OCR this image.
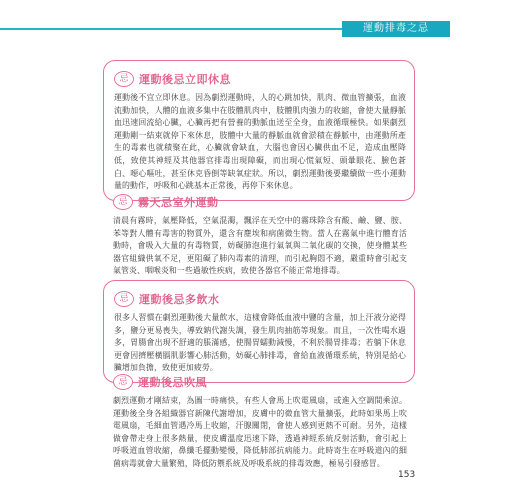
運動排毒之忌
忌 運動後忌立即休息
運動後不宜立即休息。因為劇烈運動時，人的心跳加快，肌肉、微血管擴張，血液流動加快，人體的血液多集中在肢體肌肉中，肢體肌肉強力的收縮，會使大量靜脈血迅速回流給心臟，心臟再把有營養的動脈血送至全身，血液循環極快。如果劇烈運動剛一結束就停下來休息，肢體中大量的靜脈血就會淤積在靜脈中，由運動所產生的毒素也就積聚在此，心臟就會缺血，大腦也會因心臟供血不足，造成血壓降低，致使其神經及其他器官排毒出現障礙，而出現心慌氣短、頭暈眼花、臉色蒼白、噁心嘔吐，甚至休克昏倒等缺氧症狀。所以，劇烈運動後要繼續做一些小運動量的動作，呼吸和心跳基本正常後，再停下來休息。
忌 霧天忌室外運動
清晨有霧時，氣壓降低，空氣混濁，飄浮在天空中的霧珠除含有酸、鹼、鹽、胺、苯等對人體有毒害的物質外，還含有塵埃和病菌微生物。當人在霧氣中進行體育活動時，會吸入大量的有毒物質，妨礙肺泡進行氣氧與二氧化碳的交換，使身體某些器官組織供氧不足，更阻礙了肺內毒素的清理，而引起胸悶不適，嚴重時會引起支氣管炎、咽喉炎和一些過敏性疾病，致使各器官不能正常地排毒。
忌 運動後忌多飲水
很多人習慣在劇烈運動後大量飲水，這樣會降低血液中鹽的含量，加上汗液分泌得多，鹽分更易喪失，導致鈉代謝失調，發生肌肉抽筋等現象。而且，一次性喝水過多，胃腸會出現不舒適的脹滿感，使腸胃蠕動減慢，不利於腸胃排毒；若躺下休息更會因擠壓橫膈肌影響心肺活動，妨礙心肺排毒，會給血液循環系統，特別是給心臟增加負擔，致使更加疲勞。
忌 運動後忌吹風
劇烈運動才剛結束，為圖一時痛快，有些人會馬上吹電風扇，或進入空調間乘涼。運動後全身各組織器官新陳代謝增加，皮膚中的微血管大量擴張，此時如果馬上吹電風扇，毛細血管遇冷馬上收縮，汗腺關閉，會使人感到更熱不可耐。另外，這樣做會帶走身上很多熱量，使皮膚溫度迅速下降，透過神經系統反射活動，會引起上呼吸道血管收縮，鼻纖毛擺動變慢，降低肺部抗病能力。此時寄生在呼吸道內的細菌病毒就會大量繁殖，降低防禦系統及呼吸系統的排毒效應，極易引發感冒。
153
